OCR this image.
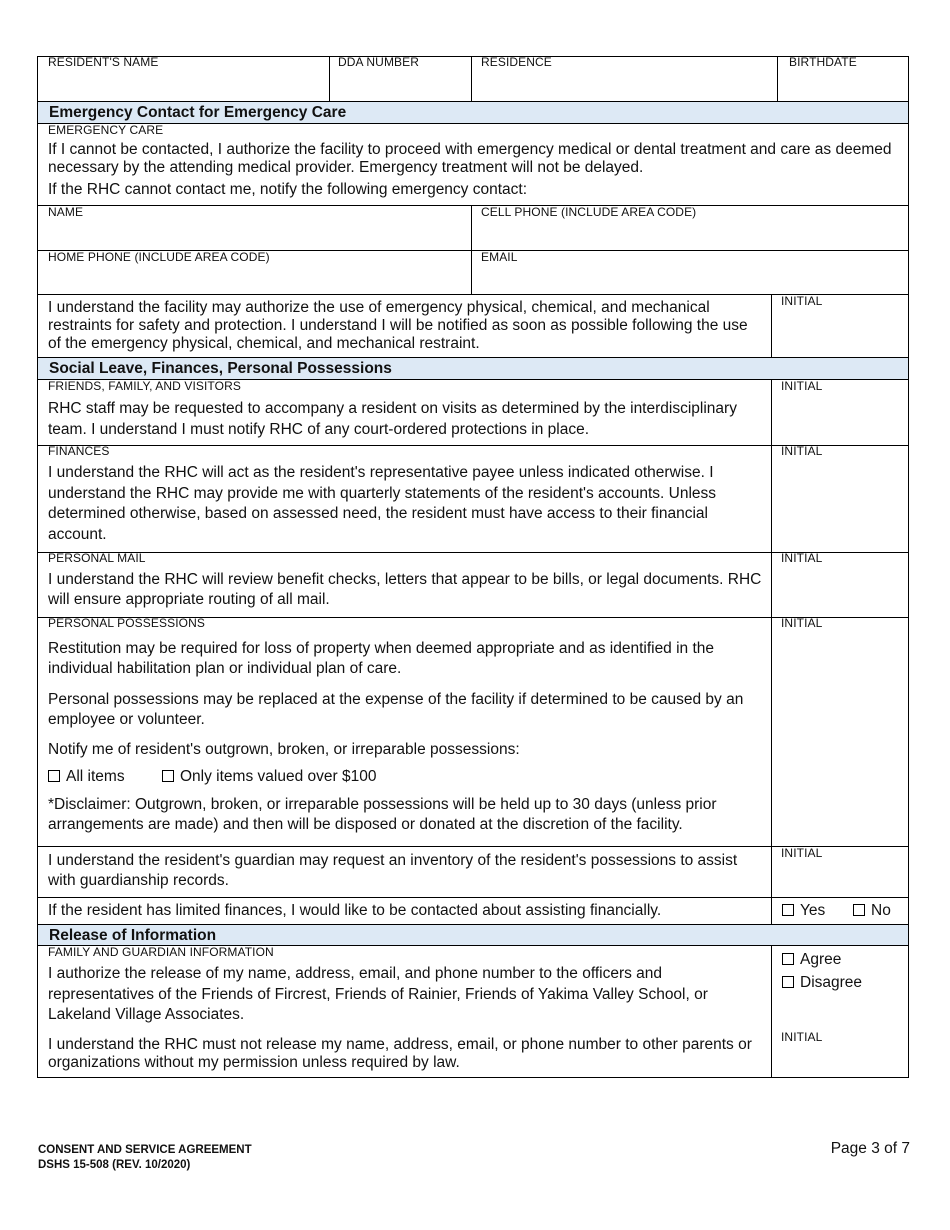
RESIDENT'S NAME	DDA NUMBER	RESIDENCE	BIRTHDATE
Emergency Contact for Emergency Care
EMERGENCY CARE
If I cannot be contacted, I authorize the facility to proceed with emergency medical or dental treatment and care as deemed necessary by the attending medical provider. Emergency treatment will not be delayed.
If the RHC cannot contact me, notify the following emergency contact:
NAME	CELL PHONE (INCLUDE AREA CODE)
HOME PHONE (INCLUDE AREA CODE)	EMAIL
I understand the facility may authorize the use of emergency physical, chemical, and mechanical restraints for safety and protection. I understand I will be notified as soon as possible following the use of the emergency physical, chemical, and mechanical restraint.
INITIAL
Social Leave, Finances, Personal Possessions
FRIENDS, FAMILY, AND VISITORS
RHC staff may be requested to accompany a resident on visits as determined by the interdisciplinary team. I understand I must notify RHC of any court-ordered protections in place.
INITIAL
FINANCES
I understand the RHC will act as the resident's representative payee unless indicated otherwise. I understand the RHC may provide me with quarterly statements of the resident's accounts. Unless determined otherwise, based on assessed need, the resident must have access to their financial account.
INITIAL
PERSONAL MAIL
I understand the RHC will review benefit checks, letters that appear to be bills, or legal documents. RHC will ensure appropriate routing of all mail.
INITIAL
PERSONAL POSSESSIONS
Restitution may be required for loss of property when deemed appropriate and as identified in the individual habilitation plan or individual plan of care.
Personal possessions may be replaced at the expense of the facility if determined to be caused by an employee or volunteer.
Notify me of resident's outgrown, broken, or irreparable possessions:
All items	Only items valued over $100
*Disclaimer: Outgrown, broken, or irreparable possessions will be held up to 30 days (unless prior arrangements are made) and then will be disposed or donated at the discretion of the facility.
INITIAL
I understand the resident's guardian may request an inventory of the resident's possessions to assist with guardianship records.
INITIAL
If the resident has limited finances, I would like to be contacted about assisting financially.	Yes	No
Release of Information
FAMILY AND GUARDIAN INFORMATION
I authorize the release of my name, address, email, and phone number to the officers and representatives of the Friends of Fircrest, Friends of Rainier, Friends of Yakima Valley School, or Lakeland Village Associates.
I understand the RHC must not release my name, address, email, or phone number to other parents or organizations without my permission unless required by law.
Agree
Disagree
INITIAL
CONSENT AND SERVICE AGREEMENT
DSHS 15-508 (REV. 10/2020)
Page 3 of 7
